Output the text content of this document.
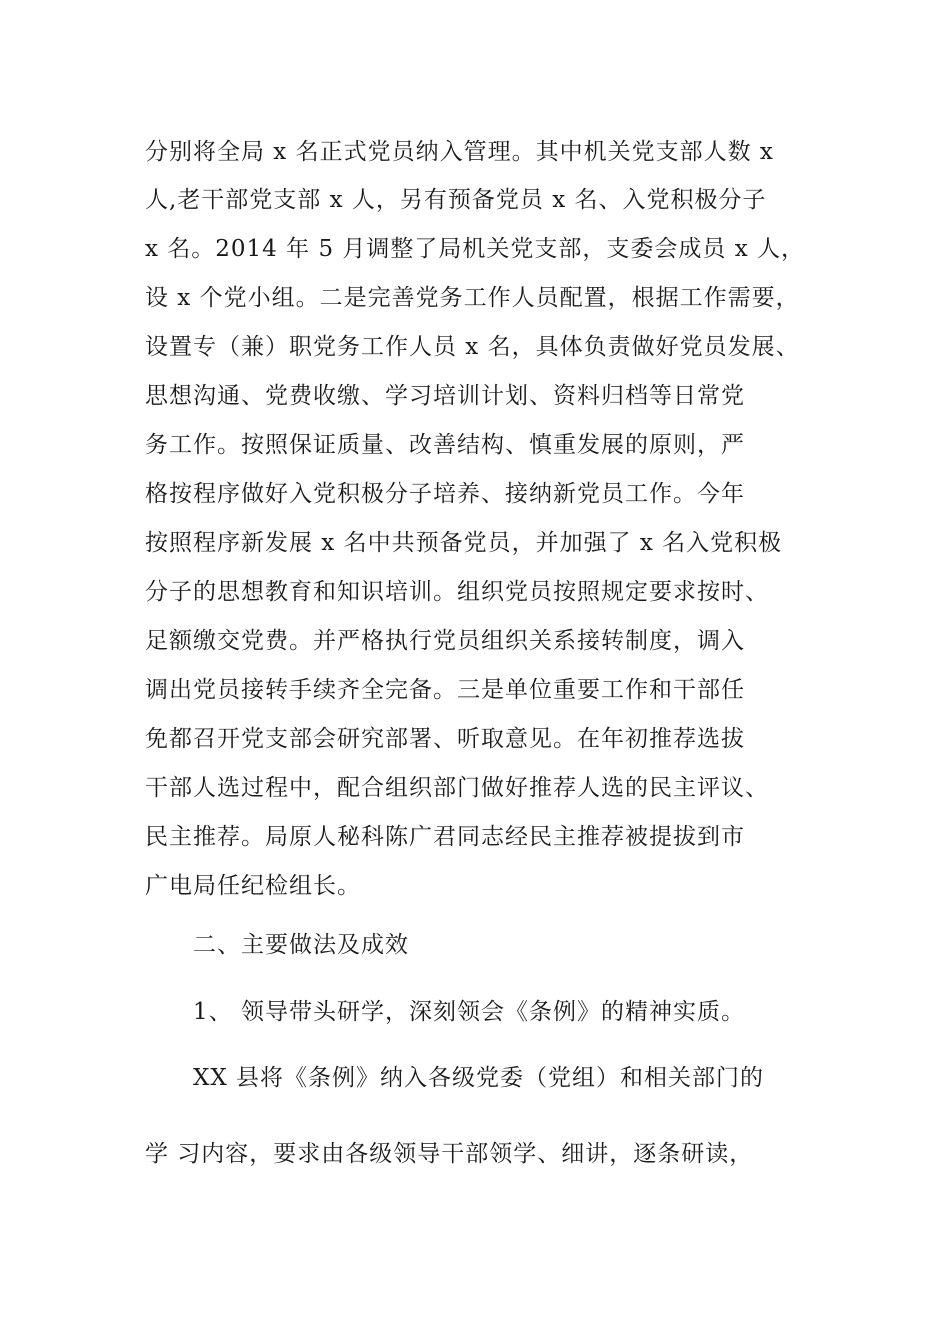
分别将全局 x 名正式党员纳入管理。其中机关党支部人数 x
人,老干部党支部 x 人，另有预备党员 x 名、入党积极分子
x 名。2014 年 5 月调整了局机关党支部，支委会成员 x 人，
设 x 个党小组。二是完善党务工作人员配置，根据工作需要，
设置专（兼）职党务工作人员 x 名，具体负责做好党员发展、
思想沟通、党费收缴、学习培训计划、资料归档等日常党
务工作。按照保证质量、改善结构、慎重发展的原则，严
格按程序做好入党积极分子培养、接纳新党员工作。今年
按照程序新发展 x 名中共预备党员，并加强了 x 名入党积极
分子的思想教育和知识培训。组织党员按照规定要求按时、
足额缴交党费。并严格执行党员组织关系接转制度，调入
调出党员接转手续齐全完备。三是单位重要工作和干部任
免都召开党支部会研究部署、听取意见。在年初推荐选拔
干部人选过程中，配合组织部门做好推荐人选的民主评议、
民主推荐。局原人秘科陈广君同志经民主推荐被提拔到市
广电局任纪检组长。
二、主要做法及成效
1、 领导带头研学，深刻领会《条例》的精神实质。
XX 县将《条例》纳入各级党委（党组）和相关部门的
学 习内容，要求由各级领导干部领学、细讲，逐条研读，
